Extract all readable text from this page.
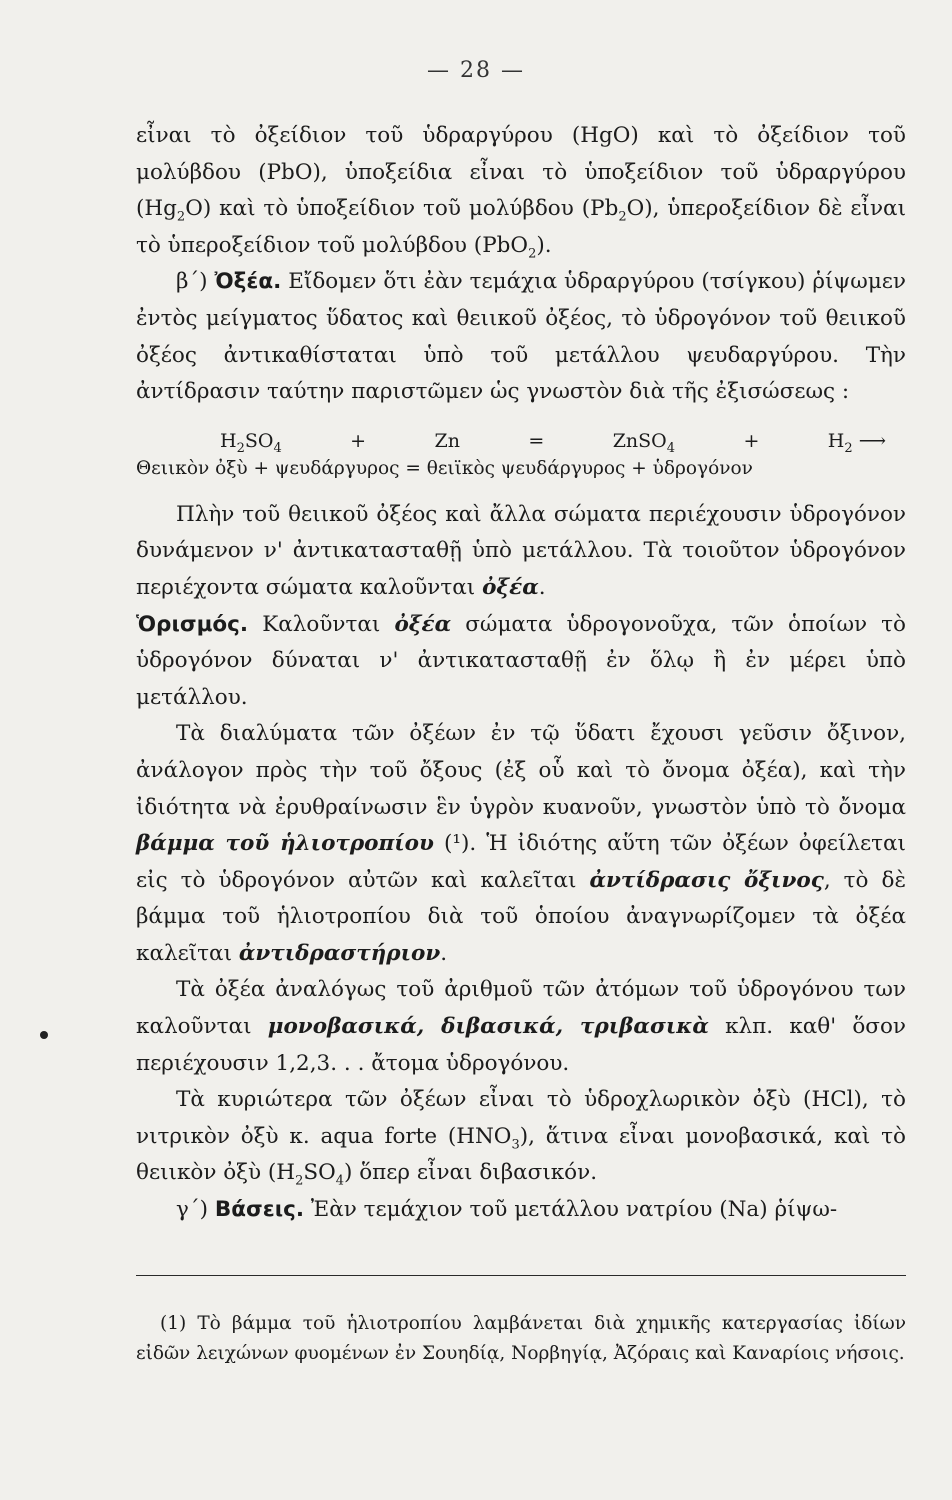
— 28 —

εἶναι τὸ ὀξείδιον τοῦ ὑδραργύρου (HgO) καὶ τὸ ὀξείδιον τοῦ μολύβδου (PbO), ὑποξείδια εἶναι τὸ ὑποξείδιον τοῦ ὑδραργύρου $(Hg_2O)$ καὶ τὸ ὑποξείδιον τοῦ μολύβδου $(Pb_2O)$, ὑπεροξείδιον δὲ εἶναι τὸ ὑπεροξείδιον τοῦ μολύβδου (PbO$_2$).

β΄) Ὀξέα. Εἴδομεν ὅτι ἐὰν τεμάχια ὑδραργύρου (τσίγκου) ῥίψωμεν ἐντὸς μείγματος ὕδατος καὶ θειικοῦ ὀξέος, τὸ ὑδρογόνον τοῦ θειικοῦ ὀξέος ἀντικαθίσταται ὑπὸ τοῦ μετάλλου ψευδαργύρου. Τὴν ἀντίδρασιν ταύτην παριστῶμεν ὡς γνωστὸν διὰ τῆς ἐξισώσεως :

$H_2SO_4$	+	Zn	=	ZnSO$_4$	+	$H_2$ ⟶
Θειικὸν ὀξὺ + ψευδάργυρος = θειϊκὸς ψευδάργυρος + ὑδρογόνον

Πλὴν τοῦ θειικοῦ ὀξέος καὶ ἄλλα σώματα περιέχουσιν ὑδρογόνον δυνάμενον ν' ἀντικατασταθῇ ὑπὸ μετάλλου. Τὰ τοιοῦτον ὑδρογόνον περιέχοντα σώματα καλοῦνται ὀξέα.

Ὁρισμός. Καλοῦνται ὀξέα σώματα ὑδρογονοῦχα, τῶν ὁποίων τὸ ὑδρογόνον δύναται ν' ἀντικατασταθῇ ἐν ὅλῳ ἢ ἐν μέρει ὑπὸ μετάλλου.

Τὰ διαλύματα τῶν ὀξέων ἐν τῷ ὕδατι ἔχουσι γεῦσιν ὄξινον, ἀνάλογον πρὸς τὴν τοῦ ὄξους (ἐξ οὗ καὶ τὸ ὄνομα ὀξέα), καὶ τὴν ἰδιότητα νὰ ἐρυθραίνωσιν ἓν ὑγρὸν κυανοῦν, γνωστὸν ὑπὸ τὸ ὄνομα βάμμα τοῦ ἡλιοτροπίου (¹). Ἡ ἰδιότης αὕτη τῶν ὀξέων ὀφείλεται εἰς τὸ ὑδρογόνον αὐτῶν καὶ καλεῖται ἀντίδρασις ὄξινος, τὸ δὲ βάμμα τοῦ ἡλιοτροπίου διὰ τοῦ ὁποίου ἀναγνωρίζομεν τὰ ὀξέα καλεῖται ἀντιδραστήριον.

Τὰ ὀξέα ἀναλόγως τοῦ ἀριθμοῦ τῶν ἀτόμων τοῦ ὑδρογόνου των καλοῦνται μονοβασικά, διβασικά, τριβασικὰ κλπ. καθ' ὅσον περιέχουσιν 1,2,3. . . ἄτομα ὑδρογόνου.

Τὰ κυριώτερα τῶν ὀξέων εἶναι τὸ ὑδροχλωρικὸν ὀξὺ (HCl), τὸ νιτρικὸν ὀξὺ κ. aqua forte $(HNO_3)$, ἅτινα εἶναι μονοβασικά, καὶ τὸ θειικὸν ὀξὺ $(H_2SO_4)$ ὅπερ εἶναι διβασικόν.

γ΄) Βάσεις. Ἐὰν τεμάχιον τοῦ μετάλλου νατρίου (Na) ῥίψω-

(1) Τὸ βάμμα τοῦ ἡλιοτροπίου λαμβάνεται διὰ χημικῆς κατεργασίας ἰδίων εἰδῶν λειχώνων φυομένων ἐν Σουηδίᾳ, Νορβηγίᾳ, Ἀζόραις καὶ Καναρίοις νήσοις.
